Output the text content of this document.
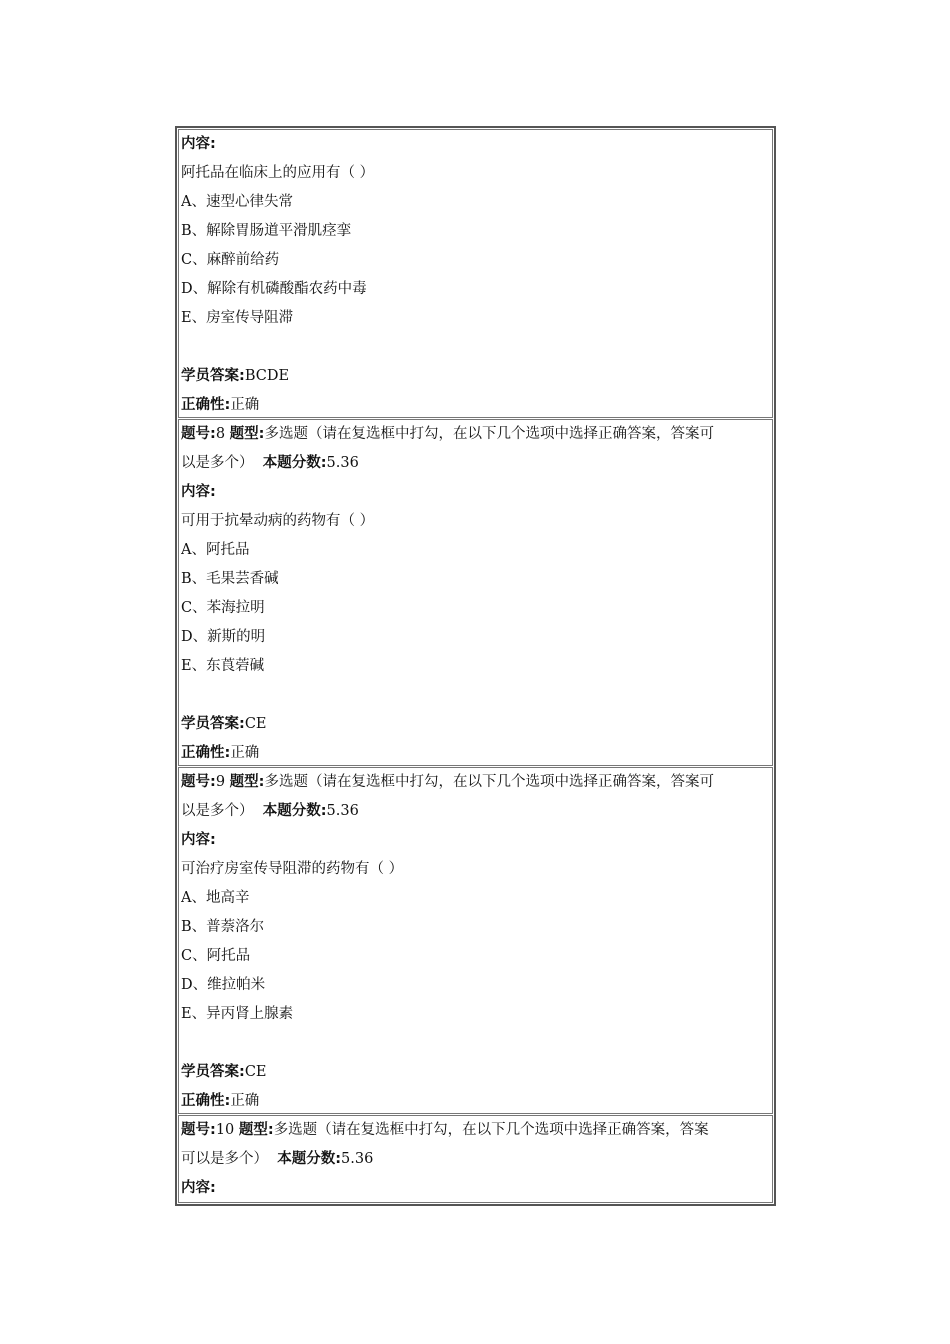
内容:
阿托品在临床上的应用有（ ）
A、速型心律失常
B、解除胃肠道平滑肌痉挛
C、麻醉前给药
D、解除有机磷酸酯农药中毒
E、房室传导阻滞
学员答案:BCDE
正确性:正确
题号:8 题型:多选题（请在复选框中打勾，在以下几个选项中选择正确答案，答案可
以是多个） 本题分数:5.36
内容:
可用于抗晕动病的药物有（ ）
A、阿托品
B、毛果芸香碱
C、苯海拉明
D、新斯的明
E、东莨菪碱
学员答案:CE
正确性:正确
题号:9 题型:多选题（请在复选框中打勾，在以下几个选项中选择正确答案，答案可
以是多个） 本题分数:5.36
内容:
可治疗房室传导阻滞的药物有（ ）
A、地高辛
B、普萘洛尔
C、阿托品
D、维拉帕米
E、异丙肾上腺素
学员答案:CE
正确性:正确
题号:10 题型:多选题（请在复选框中打勾，在以下几个选项中选择正确答案，答案
可以是多个） 本题分数:5.36
内容:
